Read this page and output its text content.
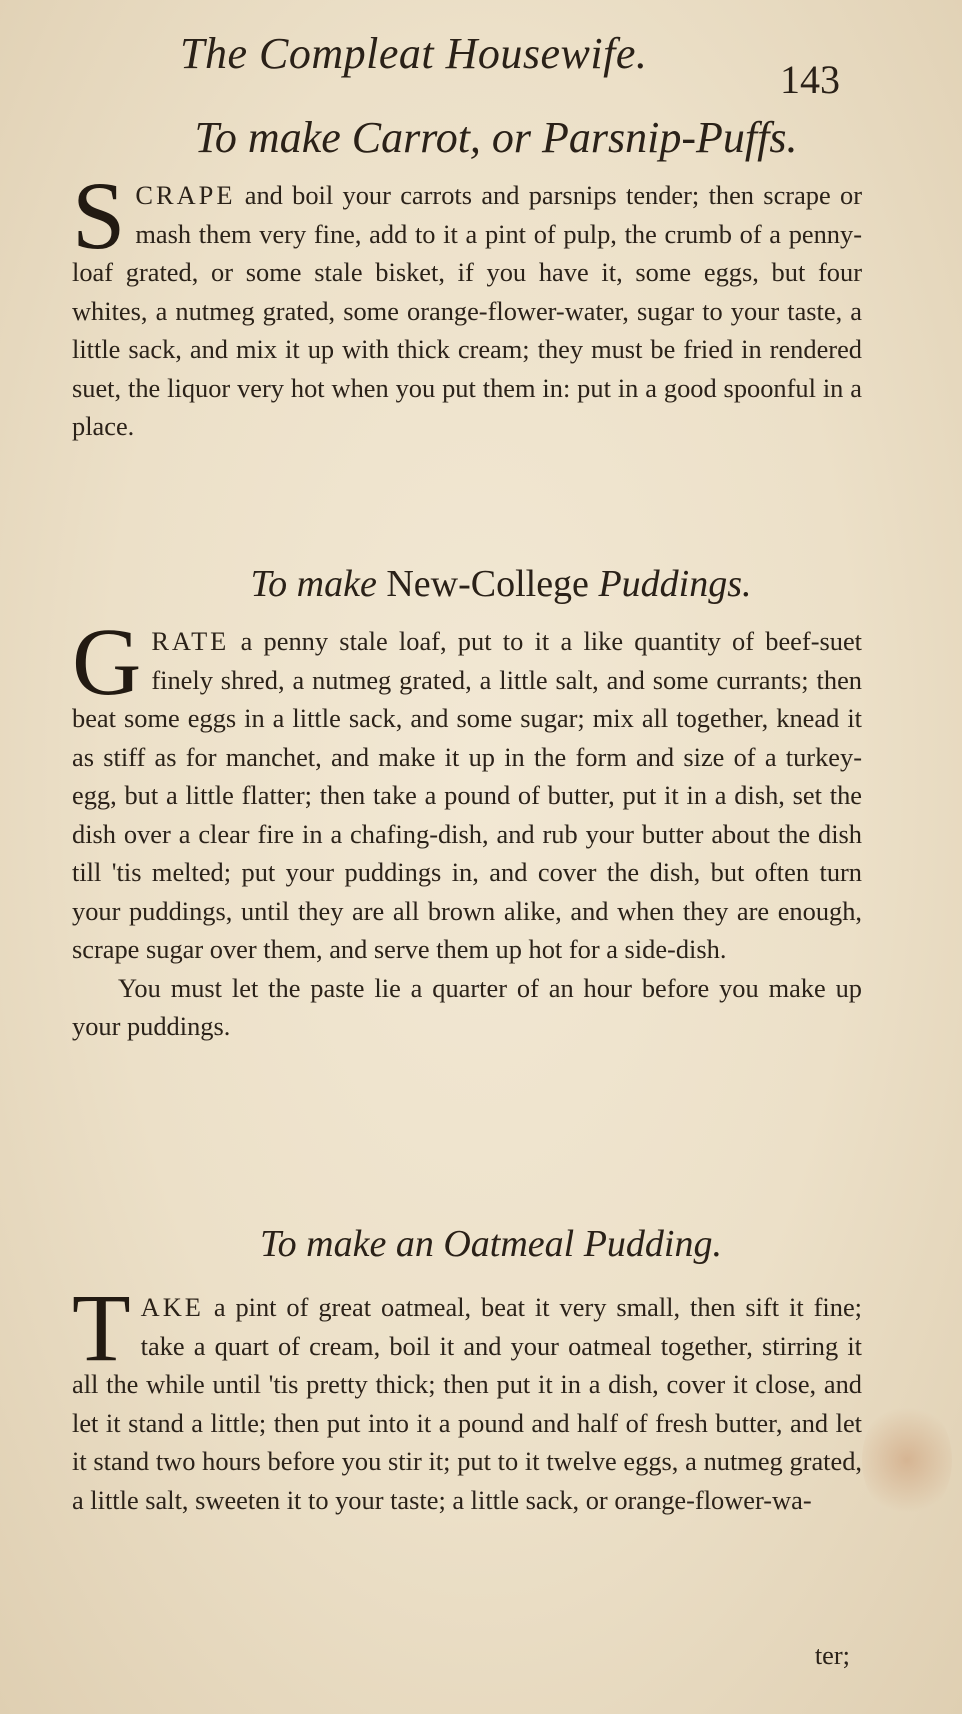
The Compleat Housewife.
143
To make Carrot, or Parsnip-Puffs.

SCRAPE and boil your carrots and parsnips tender; then scrape or mash them very fine, add to it a pint of pulp, the crumb of a penny-loaf grated, or some stale bisket, if you have it, some eggs, but four whites, a nutmeg grated, some orange-flower-water, sugar to your taste, a little sack, and mix it up with thick cream; they must be fried in rendered suet, the liquor very hot when you put them in: put in a good spoonful in a place.

To make New-College Puddings.

GRATE a penny stale loaf, put to it a like quantity of beef-suet finely shred, a nutmeg grated, a little salt, and some currants; then beat some eggs in a little sack, and some sugar; mix all together, knead it as stiff as for manchet, and make it up in the form and size of a turkey-egg, but a little flatter; then take a pound of butter, put it in a dish, set the dish over a clear fire in a chafing-dish, and rub your butter about the dish till 'tis melted; put your puddings in, and cover the dish, but often turn your puddings, until they are all brown alike, and when they are enough, scrape sugar over them, and serve them up hot for a side-dish.

You must let the paste lie a quarter of an hour before you make up your puddings.

To make an Oatmeal Pudding.

TAKE a pint of great oatmeal, beat it very small, then sift it fine; take a quart of cream, boil it and your oatmeal together, stirring it all the while until 'tis pretty thick; then put it in a dish, cover it close, and let it stand a little; then put into it a pound and half of fresh butter, and let it stand two hours before you stir it; put to it twelve eggs, a nutmeg grated, a little salt, sweeten it to your taste; a little sack, or orange-flower-wa-

ter;
